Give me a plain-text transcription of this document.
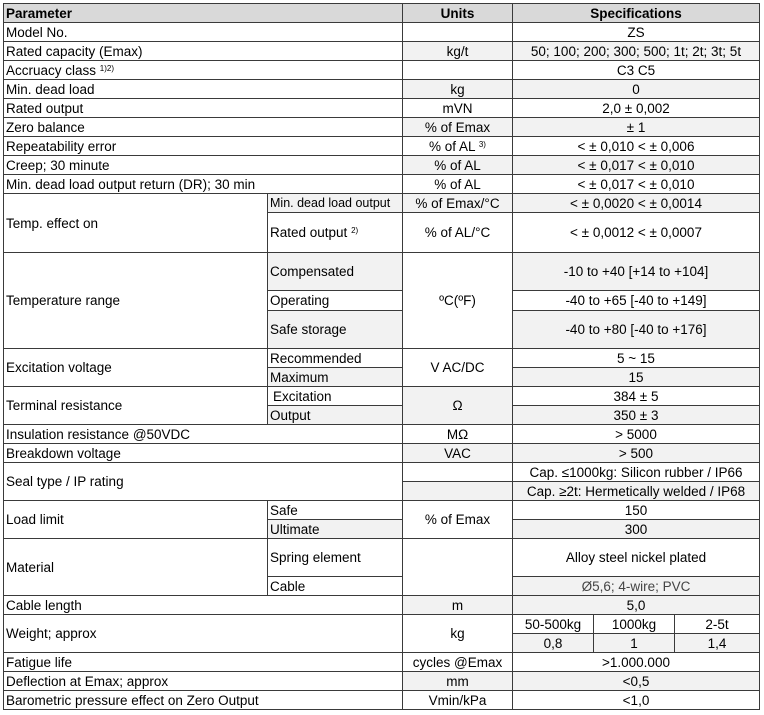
Parameter		Units	Specifications		
Model No.			ZS		
Rated capacity (Emax)		kg/t	50; 100; 200; 300; 500; 1t; 2t; 3t; 5t		
Accruacy class $^{1)2)}$			C3 C5		
Min. dead load		kg	0		
Rated output		mVN	2,0 ± 0,002		
Zero balance		% of Emax	± 1		
Repeatability error		% of AL $^{3)}$	< ± 0,010 < ± 0,006		
Creep; 30 minute		% of AL	< ± 0,017 < ± 0,010		
Min. dead load output return (DR); 30 min		% of AL	< ± 0,017 < ± 0,010		
Temp. effect on	Min. dead load output	% of Emax/°C	< ± 0,0020 < ± 0,0014		
	Rated output $^{2)}$	% of AL/°C	< ± 0,0012 < ± 0,0007		
Temperature range	Compensated	ºC(ºF)	-10 to +40 [+14 to +104]		
	Operating		-40 to +65 [-40 to +149]		
	Safe storage		-40 to +80 [-40 to +176]		
Excitation voltage	Recommended	V AC/DC	5 ~ 15		
	Maximum		15		
Terminal resistance	Excitation	Ω	384 ± 5		
	Output		350 ± 3		
Insulation resistance @50VDC		MΩ	> 5000		
Breakdown voltage		VAC	> 500		
Seal type / IP rating			Cap. ≤1000kg: Silicon rubber / IP66		
			Cap. ≥2t: Hermetically welded / IP68		
Load limit	Safe	% of Emax	150		
	Ultimate		300		
Material	Spring element		Alloy steel nickel plated		
	Cable		Ø5,6; 4-wire; PVC		
Cable length		m	5,0		
Weight; approx		kg	50-500kg	1000kg	2-5t
			0,8	1	1,4
Fatigue life		cycles @Emax	>1.000.000		
Deflection at Emax; approx		mm	<0,5		
Barometric pressure effect on Zero Output		Vmin/kPa	<1,0		
